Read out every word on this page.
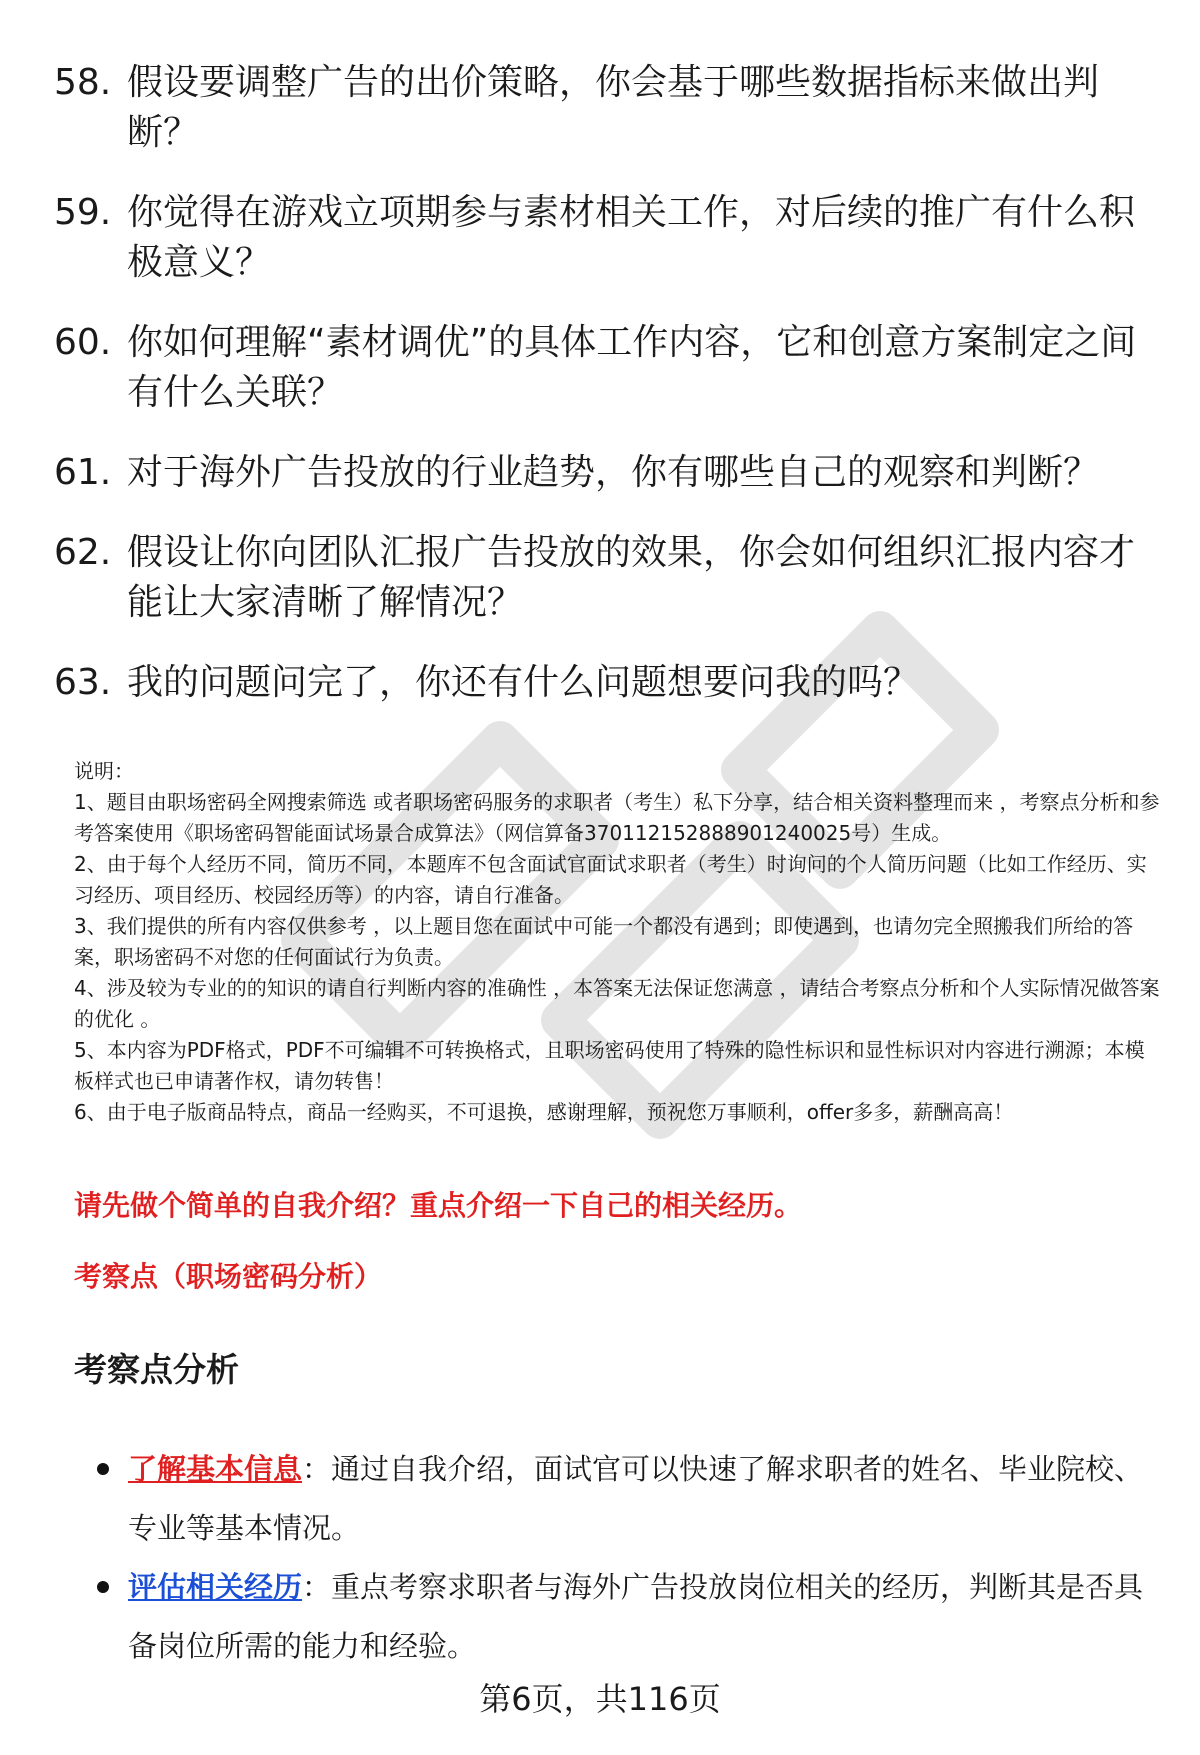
58. 假设要调整广告的出价策略，你会基于哪些数据指标来做出判断？
59. 你觉得在游戏立项期参与素材相关工作，对后续的推广有什么积极意义？
60. 你如何理解“素材调优”的具体工作内容，它和创意方案制定之间有什么关联？
61. 对于海外广告投放的行业趋势，你有哪些自己的观察和判断？
62. 假设让你向团队汇报广告投放的效果，你会如何组织汇报内容才能让大家清晰了解情况？
63. 我的问题问完了，你还有什么问题想要问我的吗？

说明：

1、题目由职场密码全网搜索筛选 或者职场密码服务的求职者（考生）私下分享，结合相关资料整理而来 ，考察点分析和参考答案使用《职场密码智能面试场景合成算法》（网信算备370112152888901240025号）生成。

2、由于每个人经历不同，简历不同，本题库不包含面试官面试求职者（考生）时询问的个人简历问题（比如工作经历、实习经历、项目经历、校园经历等）的内容，请自行准备。

3、我们提供的所有内容仅供参考 ，以上题目您在面试中可能一个都没有遇到；即使遇到，也请勿完全照搬我们所给的答案，职场密码不对您的任何面试行为负责。

4、涉及较为专业的的知识的请自行判断内容的准确性 ，本答案无法保证您满意 ，请结合考察点分析和个人实际情况做答案的优化 。

5、本内容为PDF格式，PDF不可编辑不可转换格式，且职场密码使用了特殊的隐性标识和显性标识对内容进行溯源；本模板样式也已申请著作权，请勿转售！

6、由于电子版商品特点，商品一经购买，不可退换，感谢理解，预祝您万事顺利，offer多多，薪酬高高！

请先做个简单的自我介绍？重点介绍一下自己的相关经历。
考察点（职场密码分析）
考察点分析
了解基本信息：通过自我介绍，面试官可以快速了解求职者的姓名、毕业院校、专业等基本情况。
评估相关经历：重点考察求职者与海外广告投放岗位相关的经历，判断其是否具备岗位所需的能力和经验。
第6页，共116页
